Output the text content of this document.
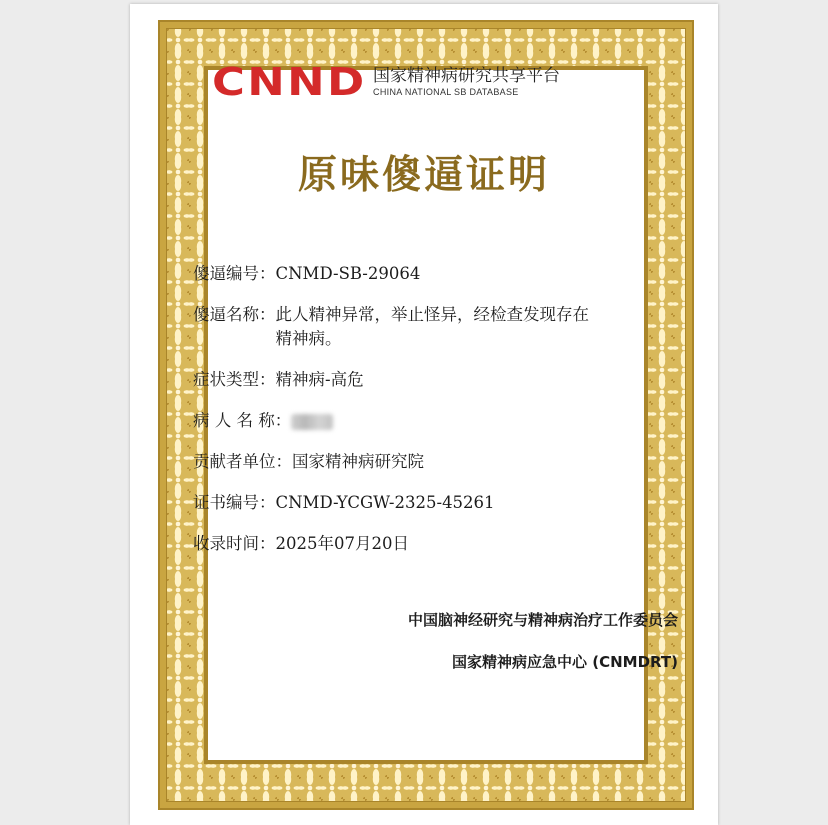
CNND 国家精神病研究共享平台
CHINA NATIONAL SB DATABASE
原味傻逼证明
傻逼编号： CNMD-SB-29064
傻逼名称： 此人精神异常，举止怪异，经检查发现存在精神病。
症状类型： 精神病-高危
病 人 名 称：
贡献者单位： 国家精神病研究院
证书编号： CNMD-YCGW-2325-45261
收录时间： 2025年07月20日
中国脑神经研究与精神病治疗工作委员会
国家精神病应急中心 (CNMDRT)
